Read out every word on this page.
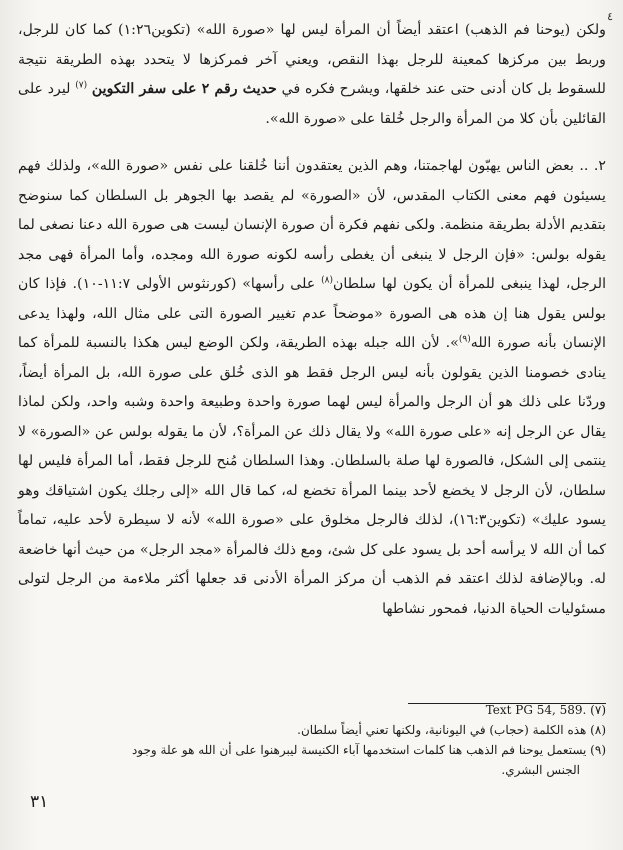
٤

ولكن (يوحنا فم الذهب) اعتقد أيضاً أن المرأة ليس لها «صورة الله» (تكوين١:٢٦) كما كان للرجل، وربط بين مركزها كمعينة للرجل بهذا النقص، ويعني آخر فمركزها لا يتحدد بهذه الطريقة نتيجة للسقوط بل كان أدنى حتى عند خلقها، ويشرح فكره في حديث رقم ٢ على سفر التكوين $^{(٧)}$ ليرد على القائلين بأن كلا من المرأة والرجل خُلقا على «صورة الله».

٢. .. بعض الناس يهبّون لهاجمتنا، وهم الذين يعتقدون أننا خُلقنا على نفس «صورة الله»، ولذلك فهم يسيئون فهم معنى الكتاب المقدس، لأن «الصورة» لم يقصد بها الجوهر بل السلطان كما سنوضح بتقديم الأدلة بطريقة منظمة. ولكى نفهم فكرة أن صورة الإنسان ليست هى صورة الله دعنا نصغى لما يقوله بولس: «فإن الرجل لا ينبغى أن يغطى رأسه لكونه صورة الله ومجده، وأما المرأة فهى مجد الرجل، لهذا ينبغى للمرأة أن يكون لها سلطان$^{(٨)}$ على رأسها» (كورنثوس الأولى ١١:٧-١٠). فإذا كان بولس يقول هنا إن هذه هى الصورة «موضحاً عدم تغيير الصورة التى على مثال الله، ولهذا يدعى الإنسان بأنه صورة الله$^{(٩)}$». لأن الله جبله بهذه الطريقة، ولكن الوضع ليس هكذا بالنسبة للمرأة كما ينادى خصومنا الذين يقولون بأنه ليس الرجل فقط هو الذى خُلق على صورة الله، بل المرأة أيضاً، وردّنا على ذلك هو أن الرجل والمرأة ليس لهما صورة واحدة وطبيعة واحدة وشبه واحد، ولكن لماذا يقال عن الرجل إنه «على صورة الله» ولا يقال ذلك عن المرأة؟، لأن ما يقوله بولس عن «الصورة» لا ينتمى إلى الشكل، فالصورة لها صلة بالسلطان. وهذا السلطان مُنح للرجل فقط، أما المرأة فليس لها سلطان، لأن الرجل لا يخضع لأحد بينما المرأة تخضع له، كما قال الله «إلى رجلك يكون اشتياقك وهو يسود عليك» (تكوين١٦:٣)، لذلك فالرجل مخلوق على «صورة الله» لأنه لا سيطرة لأحد عليه، تماماً كما أن الله لا يرأسه أحد بل يسود على كل شئ، ومع ذلك فالمرأة «مجد الرجل» من حيث أنها خاضعة له. وبالإضافة لذلك اعتقد فم الذهب أن مركز المرأة الأدنى قد جعلها أكثر ملاءمة من الرجل لتولى مسئوليات الحياة الدنيا، فمحور نشاطها

Text PG 54, 589. (٧)
(٨) هذه الكلمة (حجاب) في اليونانية، ولكنها تعني أيضاً سلطان.
(٩) يستعمل يوحنا فم الذهب هنا كلمات استخدمها آباء الكنيسة ليبرهنوا على أن الله هو علة وجود
الجنس البشري.
٣١
